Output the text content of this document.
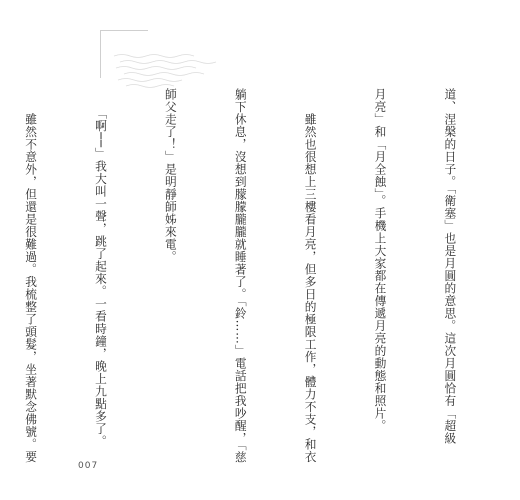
道、涅槃的日子。「衛塞」也是月圓的意思。這次月圓恰有「超級

月亮」和「月全蝕」。手機上大家都在傳遞月亮的動態和照片。

　　雖然也很想上三樓看月亮，但多日的極限工作，體力不支，和衣

躺下休息，沒想到朦朦朧朧就睡著了。「鈴……」電話把我吵醒，「慈

師父走了！」是明靜師姊來電。

　　「啊──」我大叫一聲，跳了起來。一看時鐘，晚上九點多了。

　　雖然不意外，但還是很難過。我梳整了頭髮，坐著默念佛號。要

007
